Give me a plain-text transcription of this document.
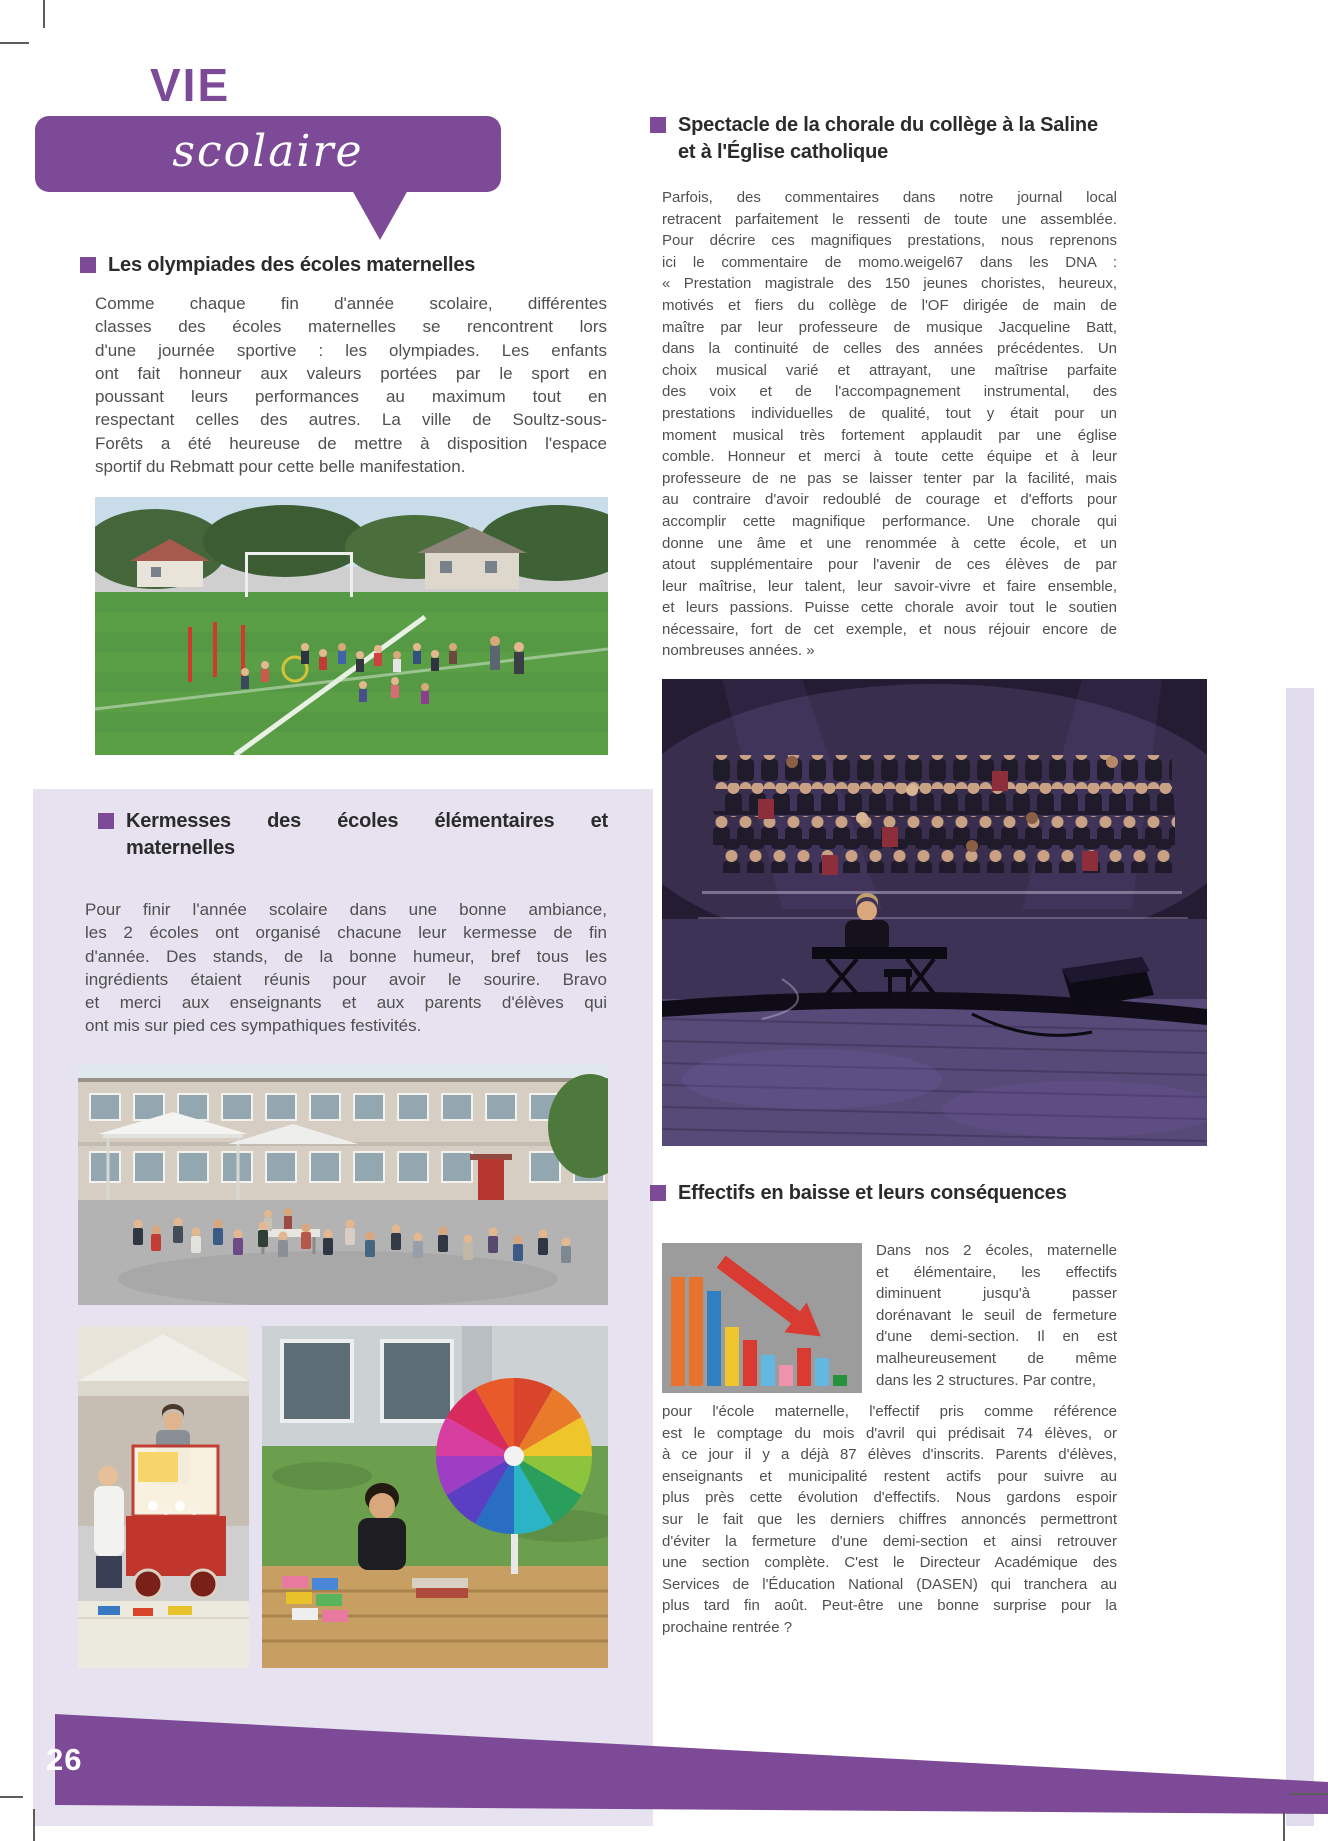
VIE
scolaire
Les olympiades des écoles maternelles
Comme chaque fin d'année scolaire, différentes
classes des écoles maternelles se rencontrent lors
d'une journée sportive : les olympiades. Les enfants
ont fait honneur aux valeurs portées par le sport en
poussant leurs performances au maximum tout en
respectant celles des autres. La ville de Soultz-sous-
Forêts a été heureuse de mettre à disposition l'espace
sportif du Rebmatt pour cette belle manifestation.
Kermesses des écoles élémentaires et
maternelles
Pour finir l'année scolaire dans une bonne ambiance,
les 2 écoles ont organisé chacune leur kermesse de fin
d'année. Des stands, de la bonne humeur, bref tous les
ingrédients étaient réunis pour avoir le sourire. Bravo
et merci aux enseignants et aux parents d'élèves qui
ont mis sur pied ces sympathiques festivités.
Spectacle de la chorale du collège à la Saline
et à l'Église catholique
Parfois, des commentaires dans notre journal local
retracent parfaitement le ressenti de toute une assemblée.
Pour décrire ces magnifiques prestations, nous reprenons
ici le commentaire de momo.weigel67 dans les DNA :
« Prestation magistrale des 150 jeunes choristes, heureux,
motivés et fiers du collège de l'OF dirigée de main de
maître par leur professeure de musique Jacqueline Batt,
dans la continuité de celles des années précédentes. Un
choix musical varié et attrayant, une maîtrise parfaite
des voix et de l'accompagnement instrumental, des
prestations individuelles de qualité, tout y était pour un
moment musical très fortement applaudit par une église
comble. Honneur et merci à toute cette équipe et à leur
professeure de ne pas se laisser tenter par la facilité, mais
au contraire d'avoir redoublé de courage et d'efforts pour
accomplir cette magnifique performance. Une chorale qui
donne une âme et une renommée à cette école, et un
atout supplémentaire pour l'avenir de ces élèves de par
leur maîtrise, leur talent, leur savoir-vivre et faire ensemble,
et leurs passions. Puisse cette chorale avoir tout le soutien
nécessaire, fort de cet exemple, et nous réjouir encore de
nombreuses années. »
Effectifs en baisse et leurs conséquences
Dans nos 2 écoles, maternelle
et élémentaire, les effectifs
diminuent jusqu'à passer
dorénavant le seuil de fermeture
d'une demi-section. Il en est
malheureusement de même
dans les 2 structures. Par contre,
pour l'école maternelle, l'effectif pris comme référence
est le comptage du mois d'avril qui prédisait 74 élèves, or
à ce jour il y a déjà 87 élèves d'inscrits. Parents d'élèves,
enseignants et municipalité restent actifs pour suivre au
plus près cette évolution d'effectifs. Nous gardons espoir
sur le fait que les derniers chiffres annoncés permettront
d'éviter la fermeture d'une demi-section et ainsi retrouver
une section complète. C'est le Directeur Académique des
Services de l'Éducation National (DASEN) qui tranchera au
plus tard fin août. Peut-être une bonne surprise pour la
prochaine rentrée ?
26
